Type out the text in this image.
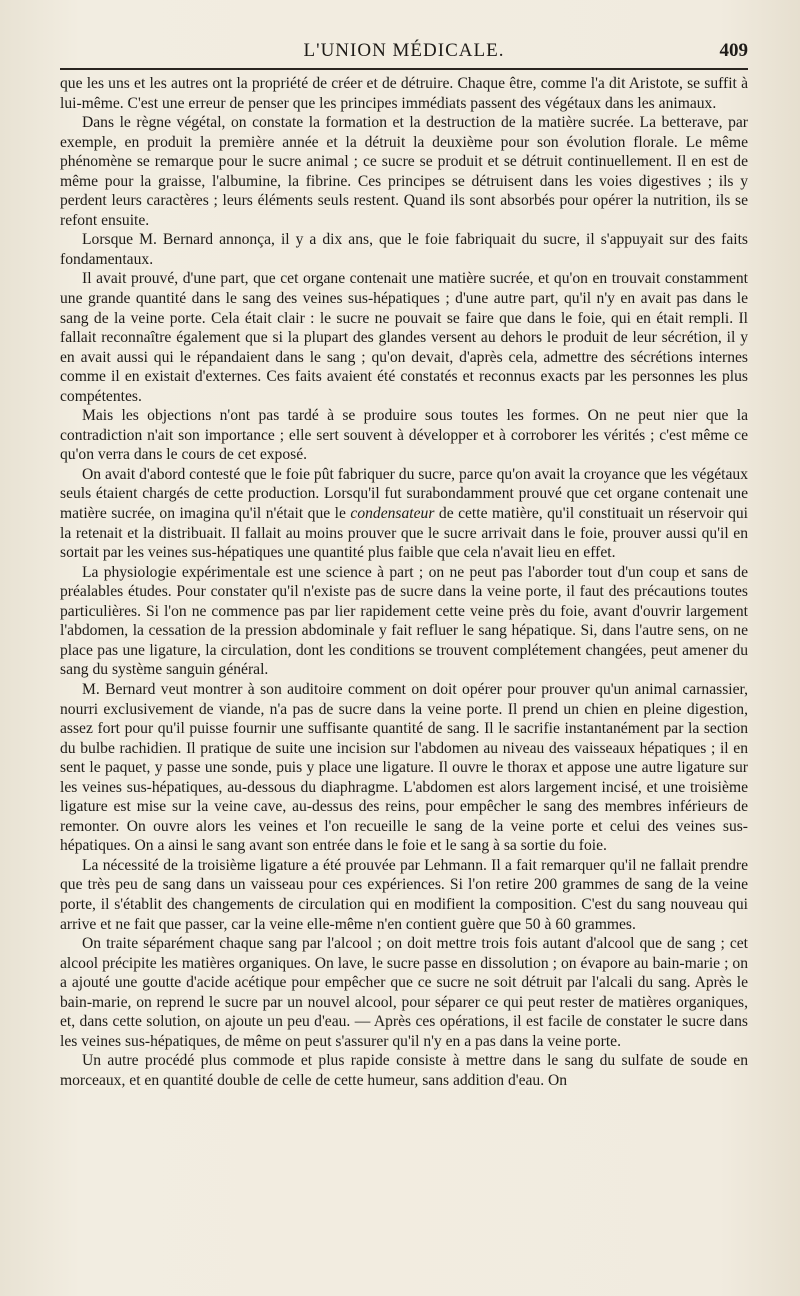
L'UNION MÉDICALE.	409

que les uns et les autres ont la propriété de créer et de détruire. Chaque être, comme l'a dit Aristote, se suffit à lui-même. C'est une erreur de penser que les principes immédiats passent des végétaux dans les animaux.

Dans le règne végétal, on constate la formation et la destruction de la matière sucrée. La betterave, par exemple, en produit la première année et la détruit la deuxième pour son évolution florale. Le même phénomène se remarque pour le sucre animal ; ce sucre se produit et se détruit continuellement. Il en est de même pour la graisse, l'albumine, la fibrine. Ces principes se détruisent dans les voies digestives ; ils y perdent leurs caractères ; leurs éléments seuls restent. Quand ils sont absorbés pour opérer la nutrition, ils se refont ensuite.

Lorsque M. Bernard annonça, il y a dix ans, que le foie fabriquait du sucre, il s'appuyait sur des faits fondamentaux.

Il avait prouvé, d'une part, que cet organe contenait une matière sucrée, et qu'on en trouvait constamment une grande quantité dans le sang des veines sus-hépatiques ; d'une autre part, qu'il n'y en avait pas dans le sang de la veine porte. Cela était clair : le sucre ne pouvait se faire que dans le foie, qui en était rempli. Il fallait reconnaître également que si la plupart des glandes versent au dehors le produit de leur sécrétion, il y en avait aussi qui le répandaient dans le sang ; qu'on devait, d'après cela, admettre des sécrétions internes comme il en existait d'externes. Ces faits avaient été constatés et reconnus exacts par les personnes les plus compétentes.

Mais les objections n'ont pas tardé à se produire sous toutes les formes. On ne peut nier que la contradiction n'ait son importance ; elle sert souvent à développer et à corroborer les vérités ; c'est même ce qu'on verra dans le cours de cet exposé.

On avait d'abord contesté que le foie pût fabriquer du sucre, parce qu'on avait la croyance que les végétaux seuls étaient chargés de cette production. Lorsqu'il fut surabondamment prouvé que cet organe contenait une matière sucrée, on imagina qu'il n'était que le condensateur de cette matière, qu'il constituait un réservoir qui la retenait et la distribuait. Il fallait au moins prouver que le sucre arrivait dans le foie, prouver aussi qu'il en sortait par les veines sus-hépatiques une quantité plus faible que cela n'avait lieu en effet.

La physiologie expérimentale est une science à part ; on ne peut pas l'aborder tout d'un coup et sans de préalables études. Pour constater qu'il n'existe pas de sucre dans la veine porte, il faut des précautions toutes particulières. Si l'on ne commence pas par lier rapidement cette veine près du foie, avant d'ouvrir largement l'abdomen, la cessation de la pression abdominale y fait refluer le sang hépatique. Si, dans l'autre sens, on ne place pas une ligature, la circulation, dont les conditions se trouvent complétement changées, peut amener du sang du système sanguin général.

M. Bernard veut montrer à son auditoire comment on doit opérer pour prouver qu'un animal carnassier, nourri exclusivement de viande, n'a pas de sucre dans la veine porte. Il prend un chien en pleine digestion, assez fort pour qu'il puisse fournir une suffisante quantité de sang. Il le sacrifie instantanément par la section du bulbe rachidien. Il pratique de suite une incision sur l'abdomen au niveau des vaisseaux hépatiques ; il en sent le paquet, y passe une sonde, puis y place une ligature. Il ouvre le thorax et appose une autre ligature sur les veines sus-hépatiques, au-dessous du diaphragme. L'abdomen est alors largement incisé, et une troisième ligature est mise sur la veine cave, au-dessus des reins, pour empêcher le sang des membres inférieurs de remonter. On ouvre alors les veines et l'on recueille le sang de la veine porte et celui des veines sus-hépatiques. On a ainsi le sang avant son entrée dans le foie et le sang à sa sortie du foie.

La nécessité de la troisième ligature a été prouvée par Lehmann. Il a fait remarquer qu'il ne fallait prendre que très peu de sang dans un vaisseau pour ces expériences. Si l'on retire 200 grammes de sang de la veine porte, il s'établit des changements de circulation qui en modifient la composition. C'est du sang nouveau qui arrive et ne fait que passer, car la veine elle-même n'en contient guère que 50 à 60 grammes.

On traite séparément chaque sang par l'alcool ; on doit mettre trois fois autant d'alcool que de sang ; cet alcool précipite les matières organiques. On lave, le sucre passe en dissolution ; on évapore au bain-marie ; on a ajouté une goutte d'acide acétique pour empêcher que ce sucre ne soit détruit par l'alcali du sang. Après le bain-marie, on reprend le sucre par un nouvel alcool, pour séparer ce qui peut rester de matières organiques, et, dans cette solution, on ajoute un peu d'eau. — Après ces opérations, il est facile de constater le sucre dans les veines sus-hépatiques, de même on peut s'assurer qu'il n'y en a pas dans la veine porte.

Un autre procédé plus commode et plus rapide consiste à mettre dans le sang du sulfate de soude en morceaux, et en quantité double de celle de cette humeur, sans addition d'eau. On
